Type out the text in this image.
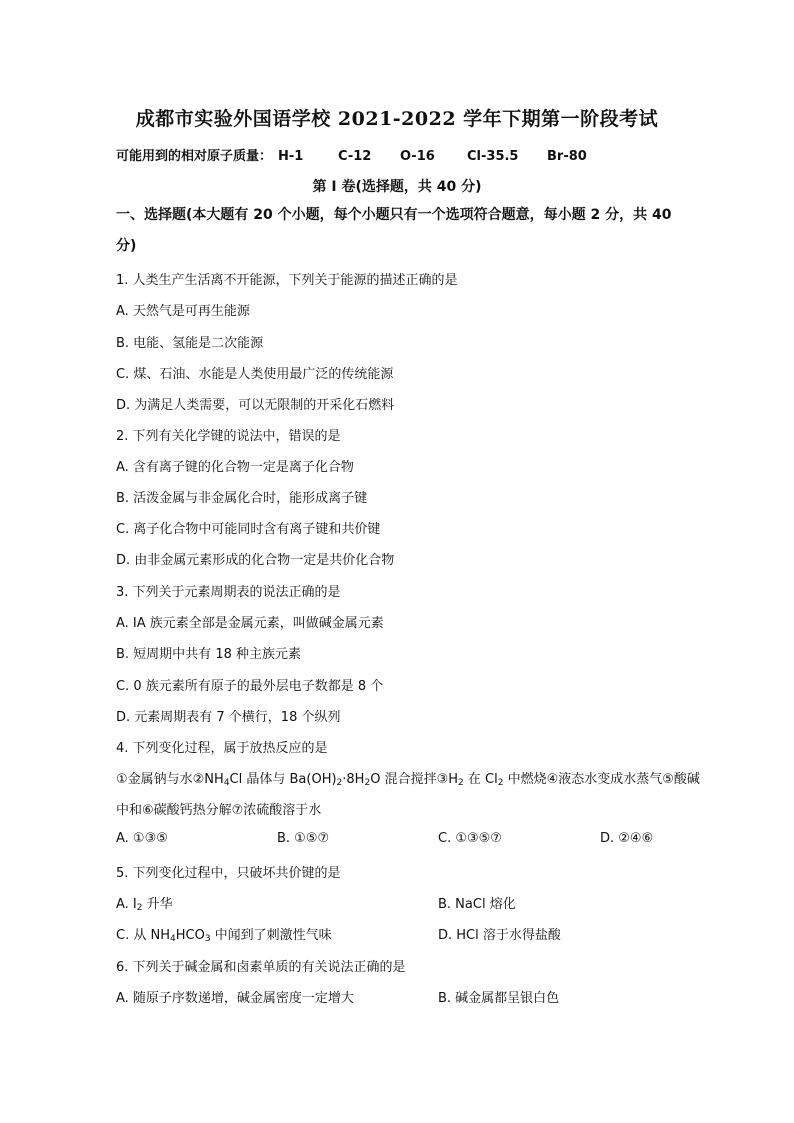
成都市实验外国语学校 2021-2022 学年下期第一阶段考试
可能用到的相对原子质量： H-1	C-12 O-16 Cl-35.5 Br-80
第 I 卷(选择题，共 40 分)
一、选择题(本大题有 20 个小题，每个小题只有一个选项符合题意，每小题 2 分，共 40 分)
1. 人类生产生活离不开能源，下列关于能源的描述正确的是
A. 天然气是可再生能源
B. 电能、氢能是二次能源
C. 煤、石油、水能是人类使用最广泛的传统能源
D. 为满足人类需要，可以无限制的开采化石燃料
2. 下列有关化学键的说法中，错误的是
A. 含有离子键的化合物一定是离子化合物
B. 活泼金属与非金属化合时，能形成离子键
C. 离子化合物中可能同时含有离子键和共价键
D. 由非金属元素形成的化合物一定是共价化合物
3. 下列关于元素周期表的说法正确的是
A. IA 族元素全部是金属元素，叫做碱金属元素
B. 短周期中共有 18 种主族元素
C. 0 族元素所有原子的最外层电子数都是 8 个
D. 元素周期表有 7 个横行，18 个纵列
4. 下列变化过程，属于放热反应的是
①金属钠与水$②NH_4Cl$ 晶体与 $Ba(OH)_2\cdot 8H_2O$ 混合搅拌$③H_2$ 在 $Cl_2$ 中燃烧④液态水变成水蒸气⑤酸碱
中和⑥碳酸钙热分解⑦浓硫酸溶于水
A. ①③⑤	B. ①⑤⑦	C. ①③⑤⑦	D. ②④⑥
5. 下列变化过程中，只破坏共价键的是
A. $I_2$ 升华	B. NaCl 熔化
C. 从 $NH_4HCO_3$ 中闻到了刺激性气味	D. HCl 溶于水得盐酸
6. 下列关于碱金属和卤素单质的有关说法正确的是
A. 随原子序数递增，碱金属密度一定增大	B. 碱金属都呈银白色
